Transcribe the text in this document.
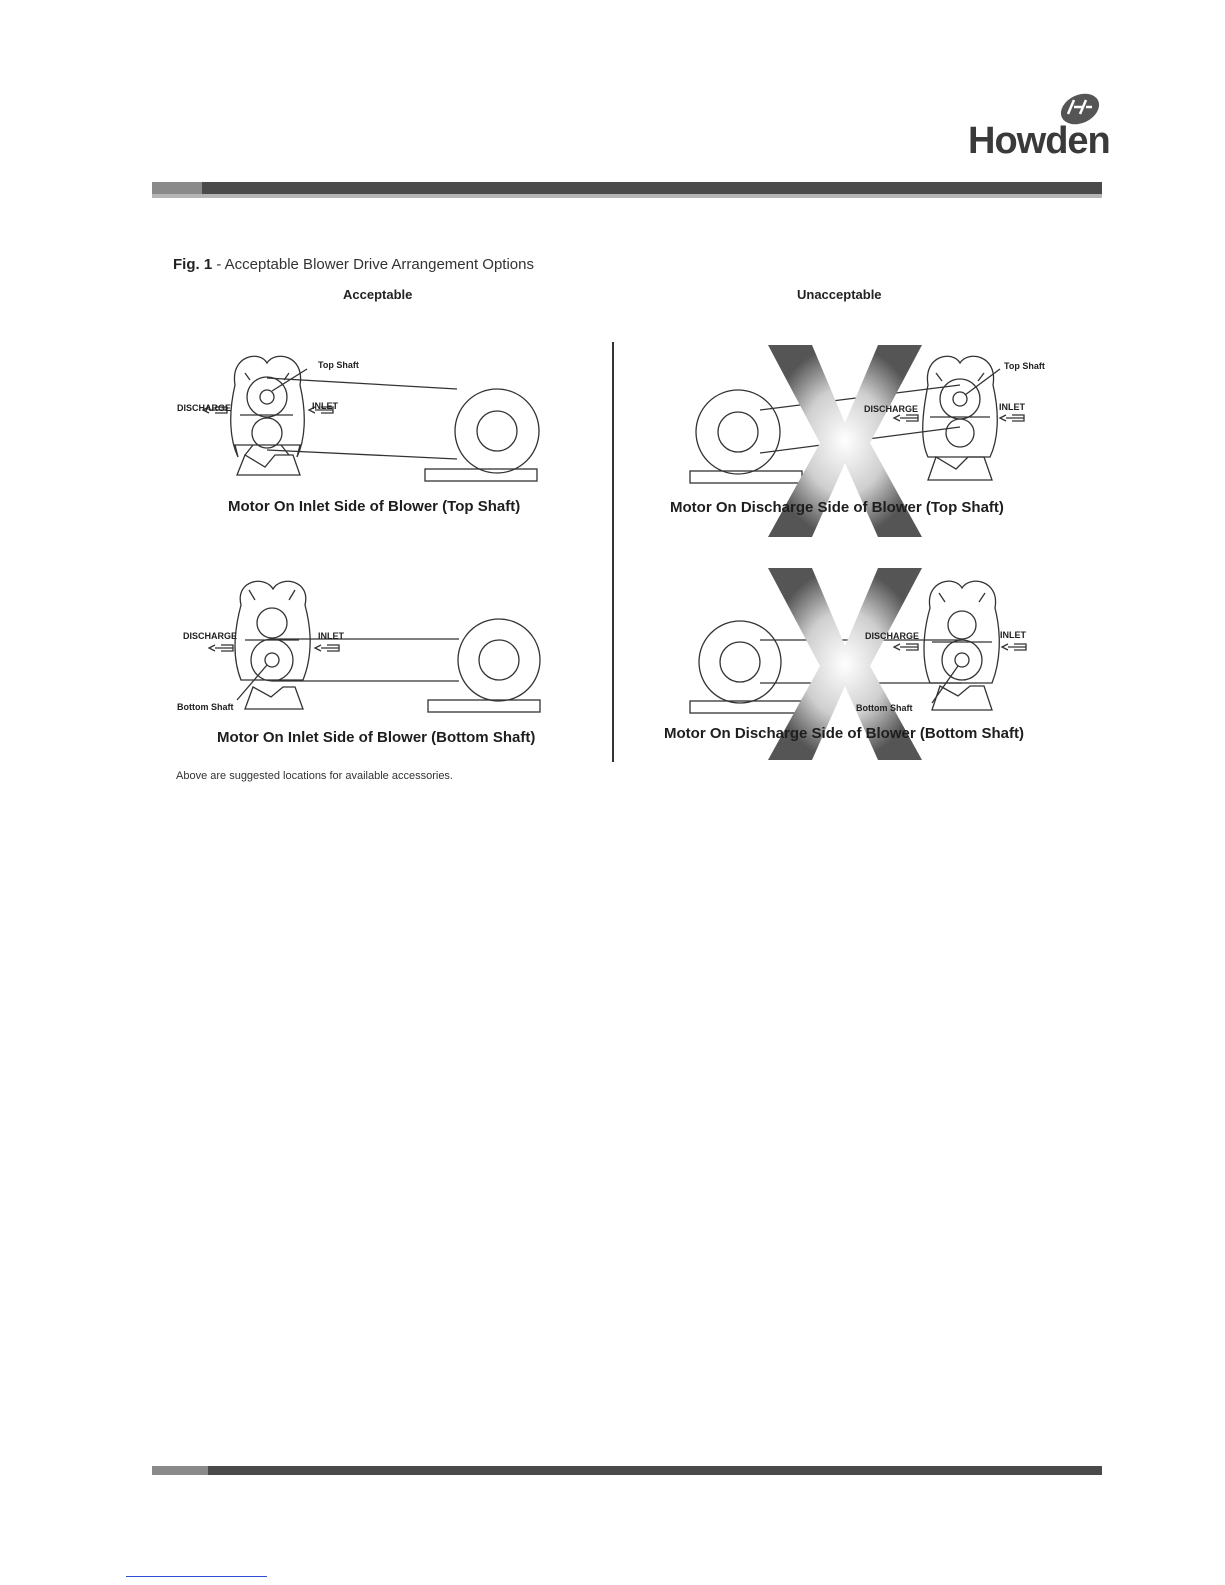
Howden
Fig. 1 - Acceptable Blower Drive Arrangement Options
Acceptable	Unacceptable
DISCHARGE	INLET
Top Shaft
Motor On Inlet Side of Blower (Top Shaft)
DISCHARGE	INLET
Bottom Shaft
Motor On Inlet Side of Blower (Bottom Shaft)
DISCHARGE	INLET
Top Shaft
Motor On Discharge Side of Blower (Top Shaft)
DISCHARGE	INLET
Bottom Shaft
Motor On Discharge Side of Blower (Bottom Shaft)
Above are suggested locations for available accessories.
